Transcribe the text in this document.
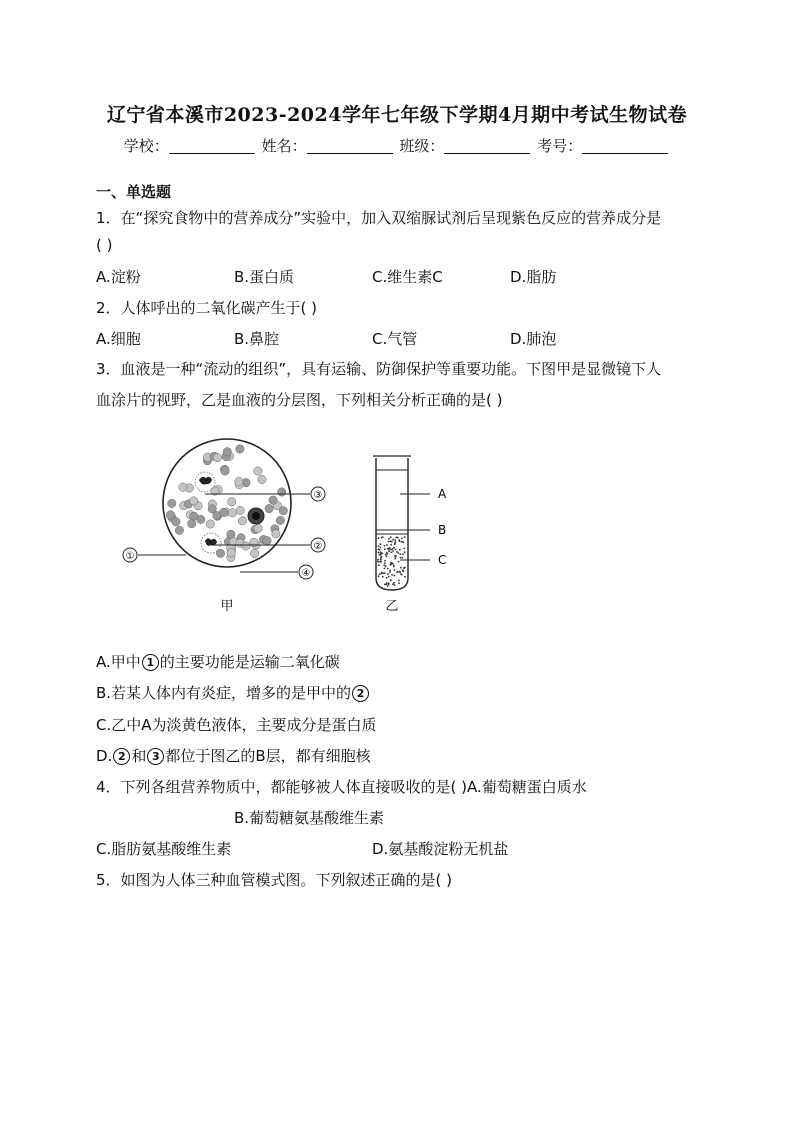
辽宁省本溪市2023-2024学年七年级下学期4月期中考试生物试卷
学校：	姓名：	班级：	考号：
一、单选题
1．在“探究食物中的营养成分”实验中，加入双缩脲试剂后呈现紫色反应的营养成分是
( )
A.淀粉	B.蛋白质	C.维生素C	D.脂肪
2．人体呼出的二氧化碳产生于( )
A.细胞	B.鼻腔	C.气管	D.肺泡
3．血液是一种“流动的组织”，具有运输、防御保护等重要功能。下图甲是显微镜下人
血涂片的视野，乙是血液的分层图，下列相关分析正确的是( )
③
②
①
④
甲
A
B
C
乙
A.甲中 1 的主要功能是运输二氧化碳
B.若某人体内有炎症，增多的是甲中的 2
C.乙中A为淡黄色液体，主要成分是蛋白质
D. 2 和 3 都位于图乙的B层，都有细胞核
4．下列各组营养物质中，都能够被人体直接吸收的是( )A.葡萄糖蛋白质水
B.葡萄糖氨基酸维生素
C.脂肪氨基酸维生素	D.氨基酸淀粉无机盐
5．如图为人体三种血管模式图。下列叙述正确的是( )
